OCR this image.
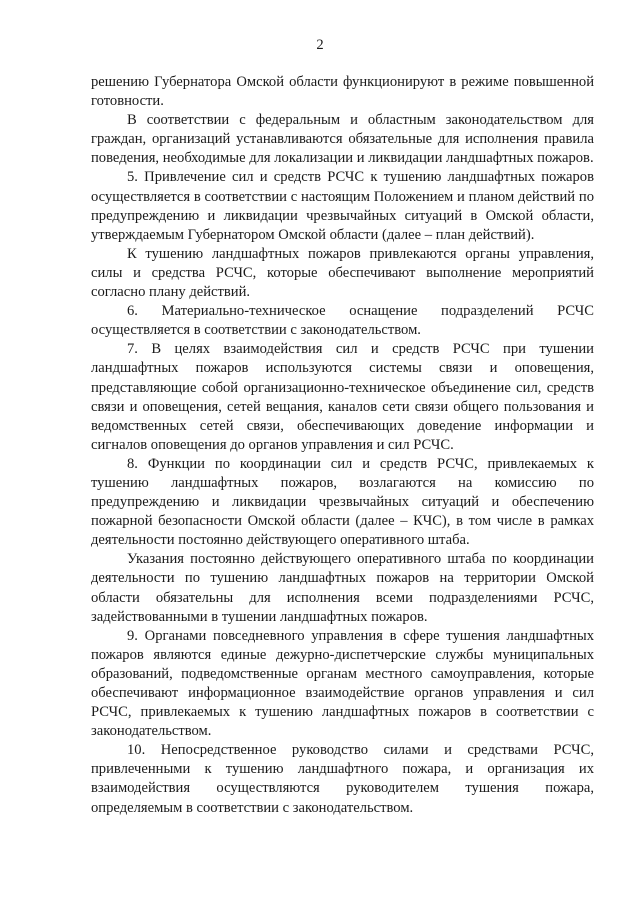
2

решению Губернатора Омской области функционируют в режиме повышенной готовности.

В соответствии с федеральным и областным законодательством для граждан, организаций устанавливаются обязательные для исполнения правила поведения, необходимые для локализации и ликвидации ландшафтных пожаров.

5. Привлечение сил и средств РСЧС к тушению ландшафтных пожаров осуществляется в соответствии с настоящим Положением и планом действий по предупреждению и ликвидации чрезвычайных ситуаций в Омской области, утверждаемым Губернатором Омской области (далее – план действий).

К тушению ландшафтных пожаров привлекаются органы управления, силы и средства РСЧС, которые обеспечивают выполнение мероприятий согласно плану действий.

6. Материально-техническое оснащение подразделений РСЧС осуществляется в соответствии с законодательством.

7. В целях взаимодействия сил и средств РСЧС при тушении ландшафтных пожаров используются системы связи и оповещения, представляющие собой организационно-техническое объединение сил, средств связи и оповещения, сетей вещания, каналов сети связи общего пользования и ведомственных сетей связи, обеспечивающих доведение информации и сигналов оповещения до органов управления и сил РСЧС.

8. Функции по координации сил и средств РСЧС, привлекаемых к тушению ландшафтных пожаров, возлагаются на комиссию по предупреждению и ликвидации чрезвычайных ситуаций и обеспечению пожарной безопасности Омской области (далее – КЧС), в том числе в рамках деятельности постоянно действующего оперативного штаба.

Указания постоянно действующего оперативного штаба по координации деятельности по тушению ландшафтных пожаров на территории Омской области обязательны для исполнения всеми подразделениями РСЧС, задействованными в тушении ландшафтных пожаров.

9. Органами повседневного управления в сфере тушения ландшафтных пожаров являются единые дежурно-диспетчерские службы муниципальных образований, подведомственные органам местного самоуправления, которые обеспечивают информационное взаимодействие органов управления и сил РСЧС, привлекаемых к тушению ландшафтных пожаров в соответствии с законодательством.

10. Непосредственное руководство силами и средствами РСЧС, привлеченными к тушению ландшафтного пожара, и организация их взаимодействия осуществляются руководителем тушения пожара, определяемым в соответствии с законодательством.
